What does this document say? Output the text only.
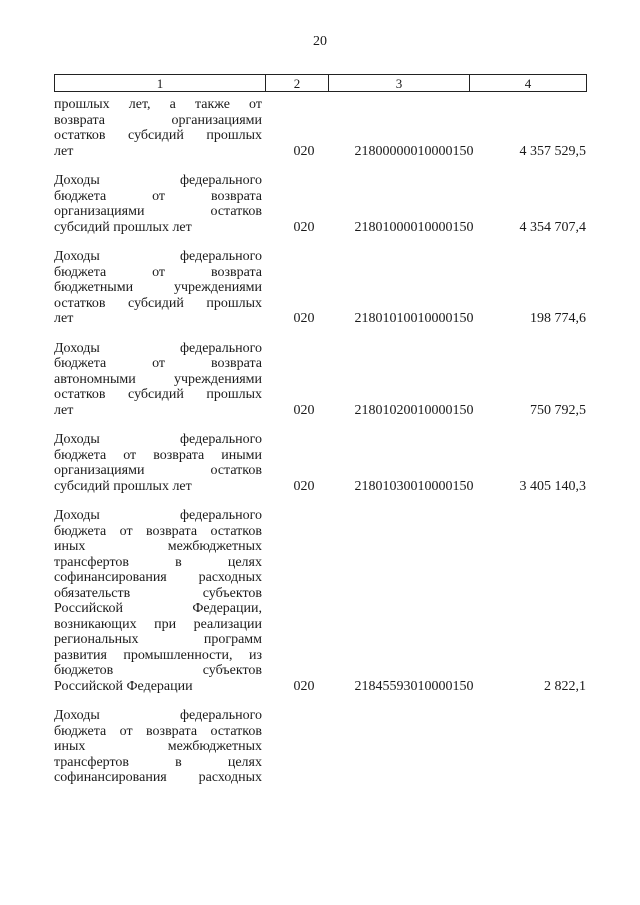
20
1	2	3	4
прошлых лет, а также от
возврата организациями
остатков субсидий прошлых
лет	020	21800000010000150	4 357 529,5
Доходы федерального
бюджета от возврата
организациями остатков
субсидий прошлых лет	020	21801000010000150	4 354 707,4
Доходы федерального
бюджета от возврата
бюджетными учреждениями
остатков субсидий прошлых
лет	020	21801010010000150	198 774,6
Доходы федерального
бюджета от возврата
автономными учреждениями
остатков субсидий прошлых
лет	020	21801020010000150	750 792,5
Доходы федерального
бюджета от возврата иными
организациями остатков
субсидий прошлых лет	020	21801030010000150	3 405 140,3
Доходы федерального
бюджета от возврата остатков
иных межбюджетных
трансфертов в целях
софинансирования расходных
обязательств субъектов
Российской Федерации,
возникающих при реализации
региональных программ
развития промышленности, из
бюджетов субъектов
Российской Федерации	020	21845593010000150	2 822,1
Доходы федерального
бюджета от возврата остатков
иных межбюджетных
трансфертов в целях
софинансирования расходных
